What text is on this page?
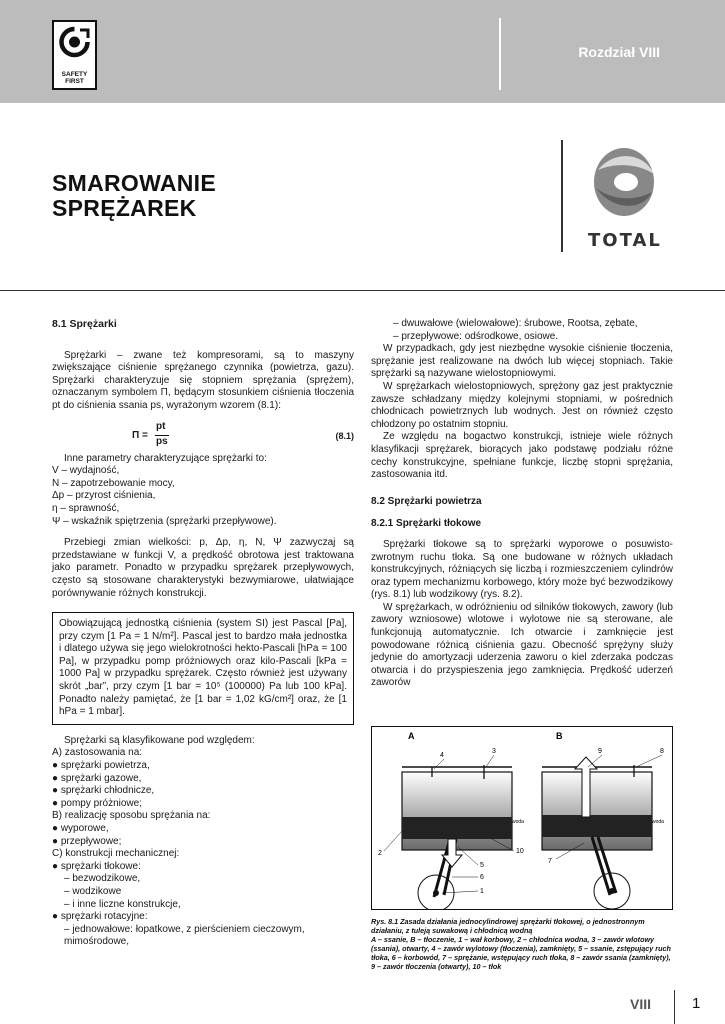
SAFETY
FIRST
Rozdział VIII
SMAROWANIE
SPRĘŻAREK
TOTAL
8.1 Sprężarki

Sprężarki – zwane też kompresorami, są to maszyny zwiększające ciśnienie sprężanego czynnika (powietrza, gazu). Sprężarki charakteryzuje się stopniem sprężania (sprężem), oznaczanym symbolem Π, będącym stosunkiem ciśnienia tłoczenia pt do ciśnienia ssania ps, wyrażonym wzorem (8.1):

Π =
pt
ps	(8.1)

Inne parametry charakteryzujące sprężarki to:

V – wydajność,
N – zapotrzebowanie mocy,
Δp – przyrost ciśnienia,
η – sprawność,
Ψ – wskaźnik spiętrzenia (sprężarki przepływowe).

Przebiegi zmian wielkości: p, Δp, η, N, Ψ zazwyczaj są przedstawiane w funkcji V, a prędkość obrotowa jest traktowana jako parametr. Ponadto w przypadku sprężarek przepływowych, często są stosowane charakterystyki bezwymiarowe, ułatwiające porównywanie różnych konstrukcji.

Obowiązującą jednostką ciśnienia (system SI) jest Pascal [Pa], przy czym [1 Pa = 1 N/m²]. Pascal jest to bardzo mała jednostka i dlatego używa się jego wielokrotności hekto-Pascali [hPa = 100 Pa], w przypadku pomp próżniowych oraz kilo-Pascali [kPa = 1000 Pa] w przypadku sprężarek. Często również jest używany skrót „bar”, przy czym [1 bar = 10⁵ (100000) Pa lub 100 kPa]. Ponadto należy pamiętać, że [1 bar = 1,02 kG/cm²] oraz, że [1 hPa = 1 mbar].

Sprężarki są klasyfikowane pod względem:

A) zastosowania na:
● sprężarki powietrza,
● sprężarki gazowe,
● sprężarki chłodnicze,
● pompy próżniowe;
B) realizację sposobu sprężania na:
● wyporowe,
● przepływowe;
C) konstrukcji mechanicznej:
● sprężarki tłokowe:
– bezwodzikowe,
– wodzikowe
– i inne liczne konstrukcje,
● sprężarki rotacyjne:
– jednowałowe: łopatkowe, z pierścieniem cieczowym, mimośrodowe,
– dwuwałowe (wielowałowe): śrubowe, Rootsa, zębate,
– przepływowe: odśrodkowe, osiowe.

W przypadkach, gdy jest niezbędne wysokie ciśnienie tłoczenia, sprężanie jest realizowane na dwóch lub więcej stopniach. Takie sprężarki są nazywane wielostopniowymi.

W sprężarkach wielostopniowych, sprężony gaz jest praktycznie zawsze schładzany między kolejnymi stopniami, w pośrednich chłodnicach powietrznych lub wodnych. Jest on również często chłodzony po ostatnim stopniu.

Ze względu na bogactwo konstrukcji, istnieje wiele różnych klasyfikacji sprężarek, biorących jako podstawę podziału różne cechy konstrukcyjne, spełniane funkcje, liczbę stopni sprężania, zastosowania itd.

8.2 Sprężarki powietrza
8.2.1 Sprężarki tłokowe

Sprężarki tłokowe są to sprężarki wyporowe o posuwisto-zwrotnym ruchu tłoka. Są one budowane w różnych układach konstrukcyjnych, różniących się liczbą i rozmieszczeniem cylindrów oraz typem mechanizmu korbowego, który może być bezwodzikowy (rys. 8.1) lub wodzikowy (rys. 8.2).

W sprężarkach, w odróżnieniu od silników tłokowych, zawory (lub zawory wzniosowe) wlotowe i wylotowe nie są sterowane, ale funkcjonują automatycznie. Ich otwarcie i zamknięcie jest powodowane różnicą ciśnienia gazu. Obecność sprężyny służy jedynie do amortyzacji uderzenia zaworu o kiel zderzaka podczas otwarcia i do przyspieszenia jego zamknięcia. Prędkość uderzeń zaworów

A	B
4
3
2
5
6
1
10
7
9	8
woda	woda
Rys. 8.1 Zasada działania jednocylindrowej sprężarki tłokowej, o jednostronnym działaniu, z tuleją suwakową i chłodnicą wodną
A – ssanie, B – tłoczenie, 1 – wał korbowy, 2 – chłodnica wodna, 3 – zawór wlotowy (ssania), otwarty, 4 – zawór wylotowy (tłoczenia), zamknięty, 5 – ssanie, zstępujący ruch tłoka, 6 – korbowód, 7 – sprężanie, wstępujący ruch tłoka, 8 – zawór ssania (zamknięty), 9 – zawór tłoczenia (otwarty), 10 – tłok
VIII	1
